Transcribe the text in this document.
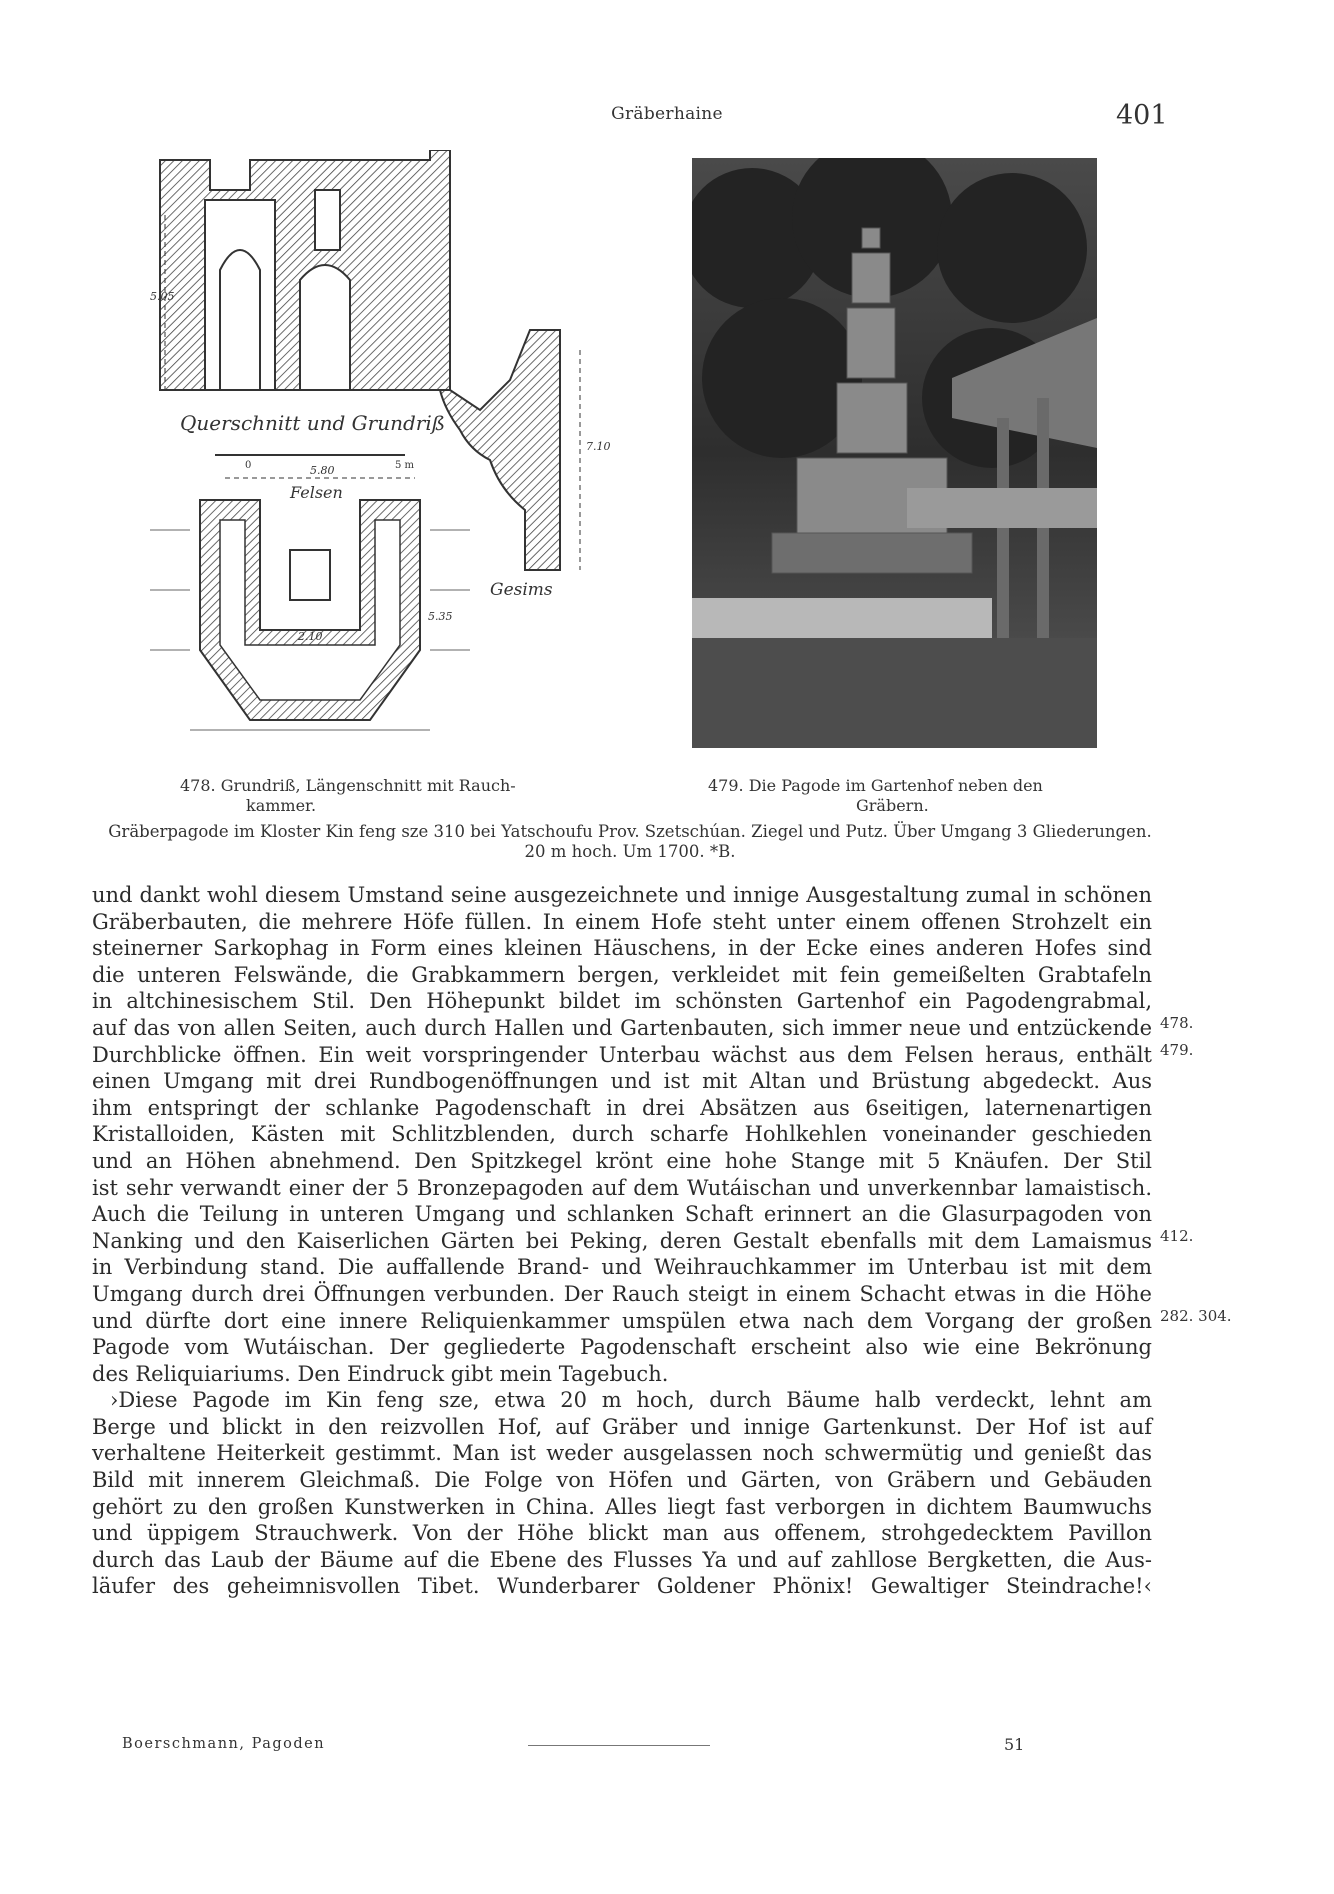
Gräberhaine	401
5.05
Querschnitt und Grundriß
7.10
Gesims
0	5 m
5.80
Felsen
5.35
2.10
478. Grundriß, Längenschnitt mit Rauch-
kammer.
479. Die Pagode im Gartenhof neben den
Gräbern.
Gräberpagode im Kloster Kin feng sze 310 bei Yatschoufu Prov. Szetschúan. Ziegel und Putz. Über Umgang 3 Gliederungen.
20 m hoch. Um 1700. *B.
und dankt wohl diesem Umstand seine ausgezeichnete und innige Ausgestaltung zumal in schönen
Gräberbauten, die mehrere Höfe füllen. In einem Hofe steht unter einem offenen Strohzelt ein
steinerner Sarkophag in Form eines kleinen Häuschens, in der Ecke eines anderen Hofes sind
die unteren Felswände, die Grabkammern bergen, verkleidet mit fein gemeißelten Grabtafeln
in altchinesischem Stil. Den Höhepunkt bildet im schönsten Gartenhof ein Pagodengrabmal,
auf das von allen Seiten, auch durch Hallen und Gartenbauten, sich immer neue und entzückende
Durchblicke öffnen. Ein weit vorspringender Unterbau wächst aus dem Felsen heraus, enthält
einen Umgang mit drei Rundbogenöffnungen und ist mit Altan und Brüstung abgedeckt. Aus
ihm entspringt der schlanke Pagodenschaft in drei Absätzen aus 6seitigen, laternenartigen
Kristalloiden, Kästen mit Schlitzblenden, durch scharfe Hohlkehlen voneinander geschieden
und an Höhen abnehmend. Den Spitzkegel krönt eine hohe Stange mit 5 Knäufen. Der Stil
ist sehr verwandt einer der 5 Bronzepagoden auf dem Wutáischan und unverkennbar lamaistisch.
Auch die Teilung in unteren Umgang und schlanken Schaft erinnert an die Glasurpagoden von
Nanking und den Kaiserlichen Gärten bei Peking, deren Gestalt ebenfalls mit dem Lamaismus
in Verbindung stand. Die auffallende Brand- und Weihrauchkammer im Unterbau ist mit dem
Umgang durch drei Öffnungen verbunden. Der Rauch steigt in einem Schacht etwas in die Höhe
und dürfte dort eine innere Reliquienkammer umspülen etwa nach dem Vorgang der großen
Pagode vom Wutáischan. Der gegliederte Pagodenschaft erscheint also wie eine Bekrönung
des Reliquiariums. Den Eindruck gibt mein Tagebuch.
›Diese Pagode im Kin feng sze, etwa 20 m hoch, durch Bäume halb verdeckt, lehnt am
Berge und blickt in den reizvollen Hof, auf Gräber und innige Gartenkunst. Der Hof ist auf
verhaltene Heiterkeit gestimmt. Man ist weder ausgelassen noch schwermütig und genießt das
Bild mit innerem Gleichmaß. Die Folge von Höfen und Gärten, von Gräbern und Gebäuden
gehört zu den großen Kunstwerken in China. Alles liegt fast verborgen in dichtem Baumwuchs
und üppigem Strauchwerk. Von der Höhe blickt man aus offenem, strohgedecktem Pavillon
durch das Laub der Bäume auf die Ebene des Flusses Ya und auf zahllose Bergketten, die Aus-
läufer des geheimnisvollen Tibet. Wunderbarer Goldener Phönix! Gewaltiger Steindrache!‹
478.
479.
412.
282. 304.
Boerschmann, Pagoden	51
